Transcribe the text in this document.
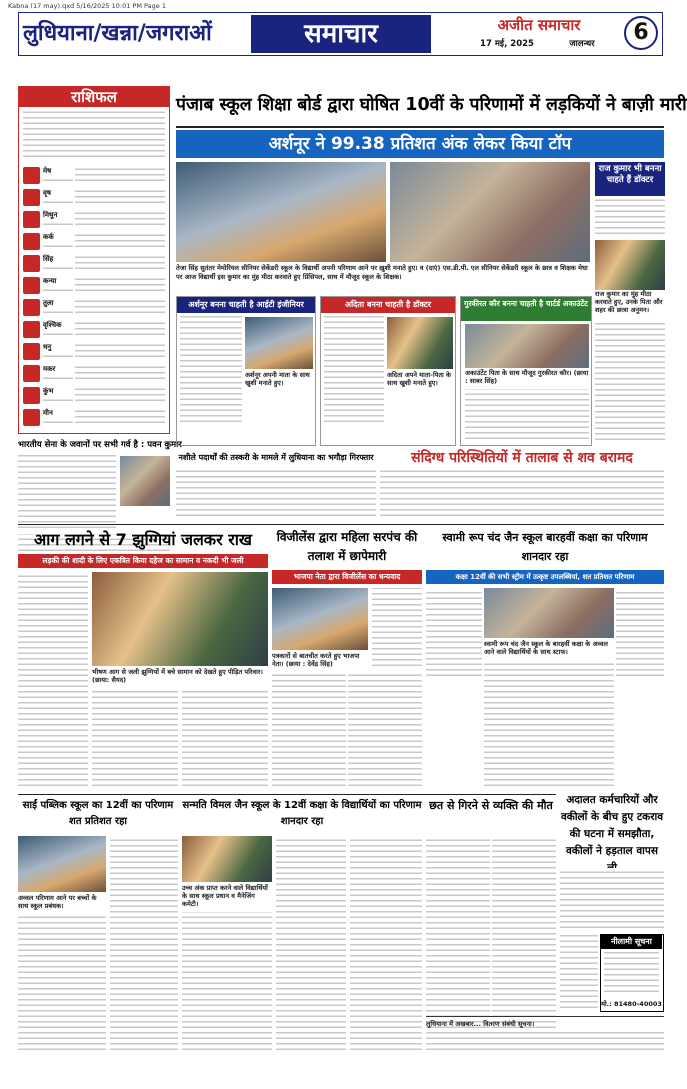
Kabna (17 may).qxd 5/16/2025 10:01 PM Page 1
लुधियाना/खन्ना/जगराओं	समाचार	अजीत समाचार
17 मई, 2025	जालन्धर	6
राशिफल
मेष
वृष
मिथुन
कर्क
सिंह
कन्या
तुला
वृश्चिक
धनु
मकर
कुंभ
मीन
भारतीय सेना के जवानों पर सभी गर्व है : पवन कुमार
पंजाब स्कूल शिक्षा बोर्ड द्वारा घोषित 10वीं के परिणामों में लड़कियों ने बाज़ी मारी
अर्शनूर ने 99.38 प्रतिशत अंक लेकर किया टॉप
तेजा सिंह सुतंतर मेमोरियल सीनियर सेकेंडरी स्कूल के विद्यार्थी अपनी परिणाम आने पर ख़ुशी मनाते हुए। व (दाएं) एस.डी.पी. एल सीनियर सेकेंडरी स्कूल के छात्र व शिक्षक मेधा पर आज विद्यार्थी इस कुमार का मुंह मीठा करवाते हुए प्रिंसिपल, साथ में मौजूद स्कूल के शिक्षक।
राज कुमार भी बनना चाहते हैं डॉक्टर
राज कुमार का मुंह मीठा करवाते हुए, उनके पिता और शहर की छात्रा अनुमन।
अर्शनूर बनना चाहती है आईटी इंजीनियर
अर्शनूर अपनी माता के साथ खुशी मनाते हुए।
अदिता बनना चाहती है डॉक्टर
अदिता अपने माता-पिता के साथ खुशी मनाते हुए।
गुरकीरत कौर बनना चाहती है चार्टर्ड अकाउंटेंट
अकाउंटेंट पिता के साथ मौजूद गुरकीरत कौर। (छाया : साबर सिंह)
नशीले पदार्थों की तस्करी के मामले में लुधियाना का भगौड़ा गिरफ्तार	संदिग्ध परिस्थितियों में तालाब से शव बरामद
आग लगने से 7 झुग्गियां जलकर राख
लड़की की शादी के लिए एकत्रित किया दहेज का सामान व नकदी भी जली
भीषण आग से जली झुग्गियों में बचे सामान को देखते हुए पीड़ित परिवार। (छाया: सैयद)
विजीलेंस द्वारा महिला सरपंच की तलाश में छापेमारी
भाजपा नेता द्वारा विजीलेंस का धन्यवाद
पत्रकारों से बातचीत करते हुए भाजपा नेता। (छाया : देवेंद्र सिंह)
स्वामी रूप चंद जैन स्कूल बारहवीं कक्षा का परिणाम शानदार रहा
कक्षा 12वीं की सभी स्ट्रीम में उत्कृष्ट उपलब्धियां, शत प्रतिशत परिणाम
स्वामी रूप चंद जैन स्कूल के बारहवीं कक्षा के अव्वल आने वाले विद्यार्थियों के साथ स्टाफ।
अदालत कर्मचारियों और वकीलों के बीच हुए टकराव की घटना में समझौता, वकीलों ने हड़ताल वापस
साईं पब्लिक स्कूल का 12वीं का परिणाम शत प्रतिशत रहा
अव्वल परिणाम आने पर बच्चों के साथ स्कूल प्रबंधक।
सन्मति विमल जैन स्कूल के 12वीं कक्षा के विद्यार्थियों का परिणाम शानदार रहा
उच्च अंक प्राप्त करने वाले विद्यार्थियों के साथ स्कूल प्रधान व मैनेजिंग कमेटी।
छत से गिरने से व्यक्ति की मौत
नीलामी सूचना
मो.: 81480-40003
लुधियाना में अखबार... वितरण संबंधी सूचना।
